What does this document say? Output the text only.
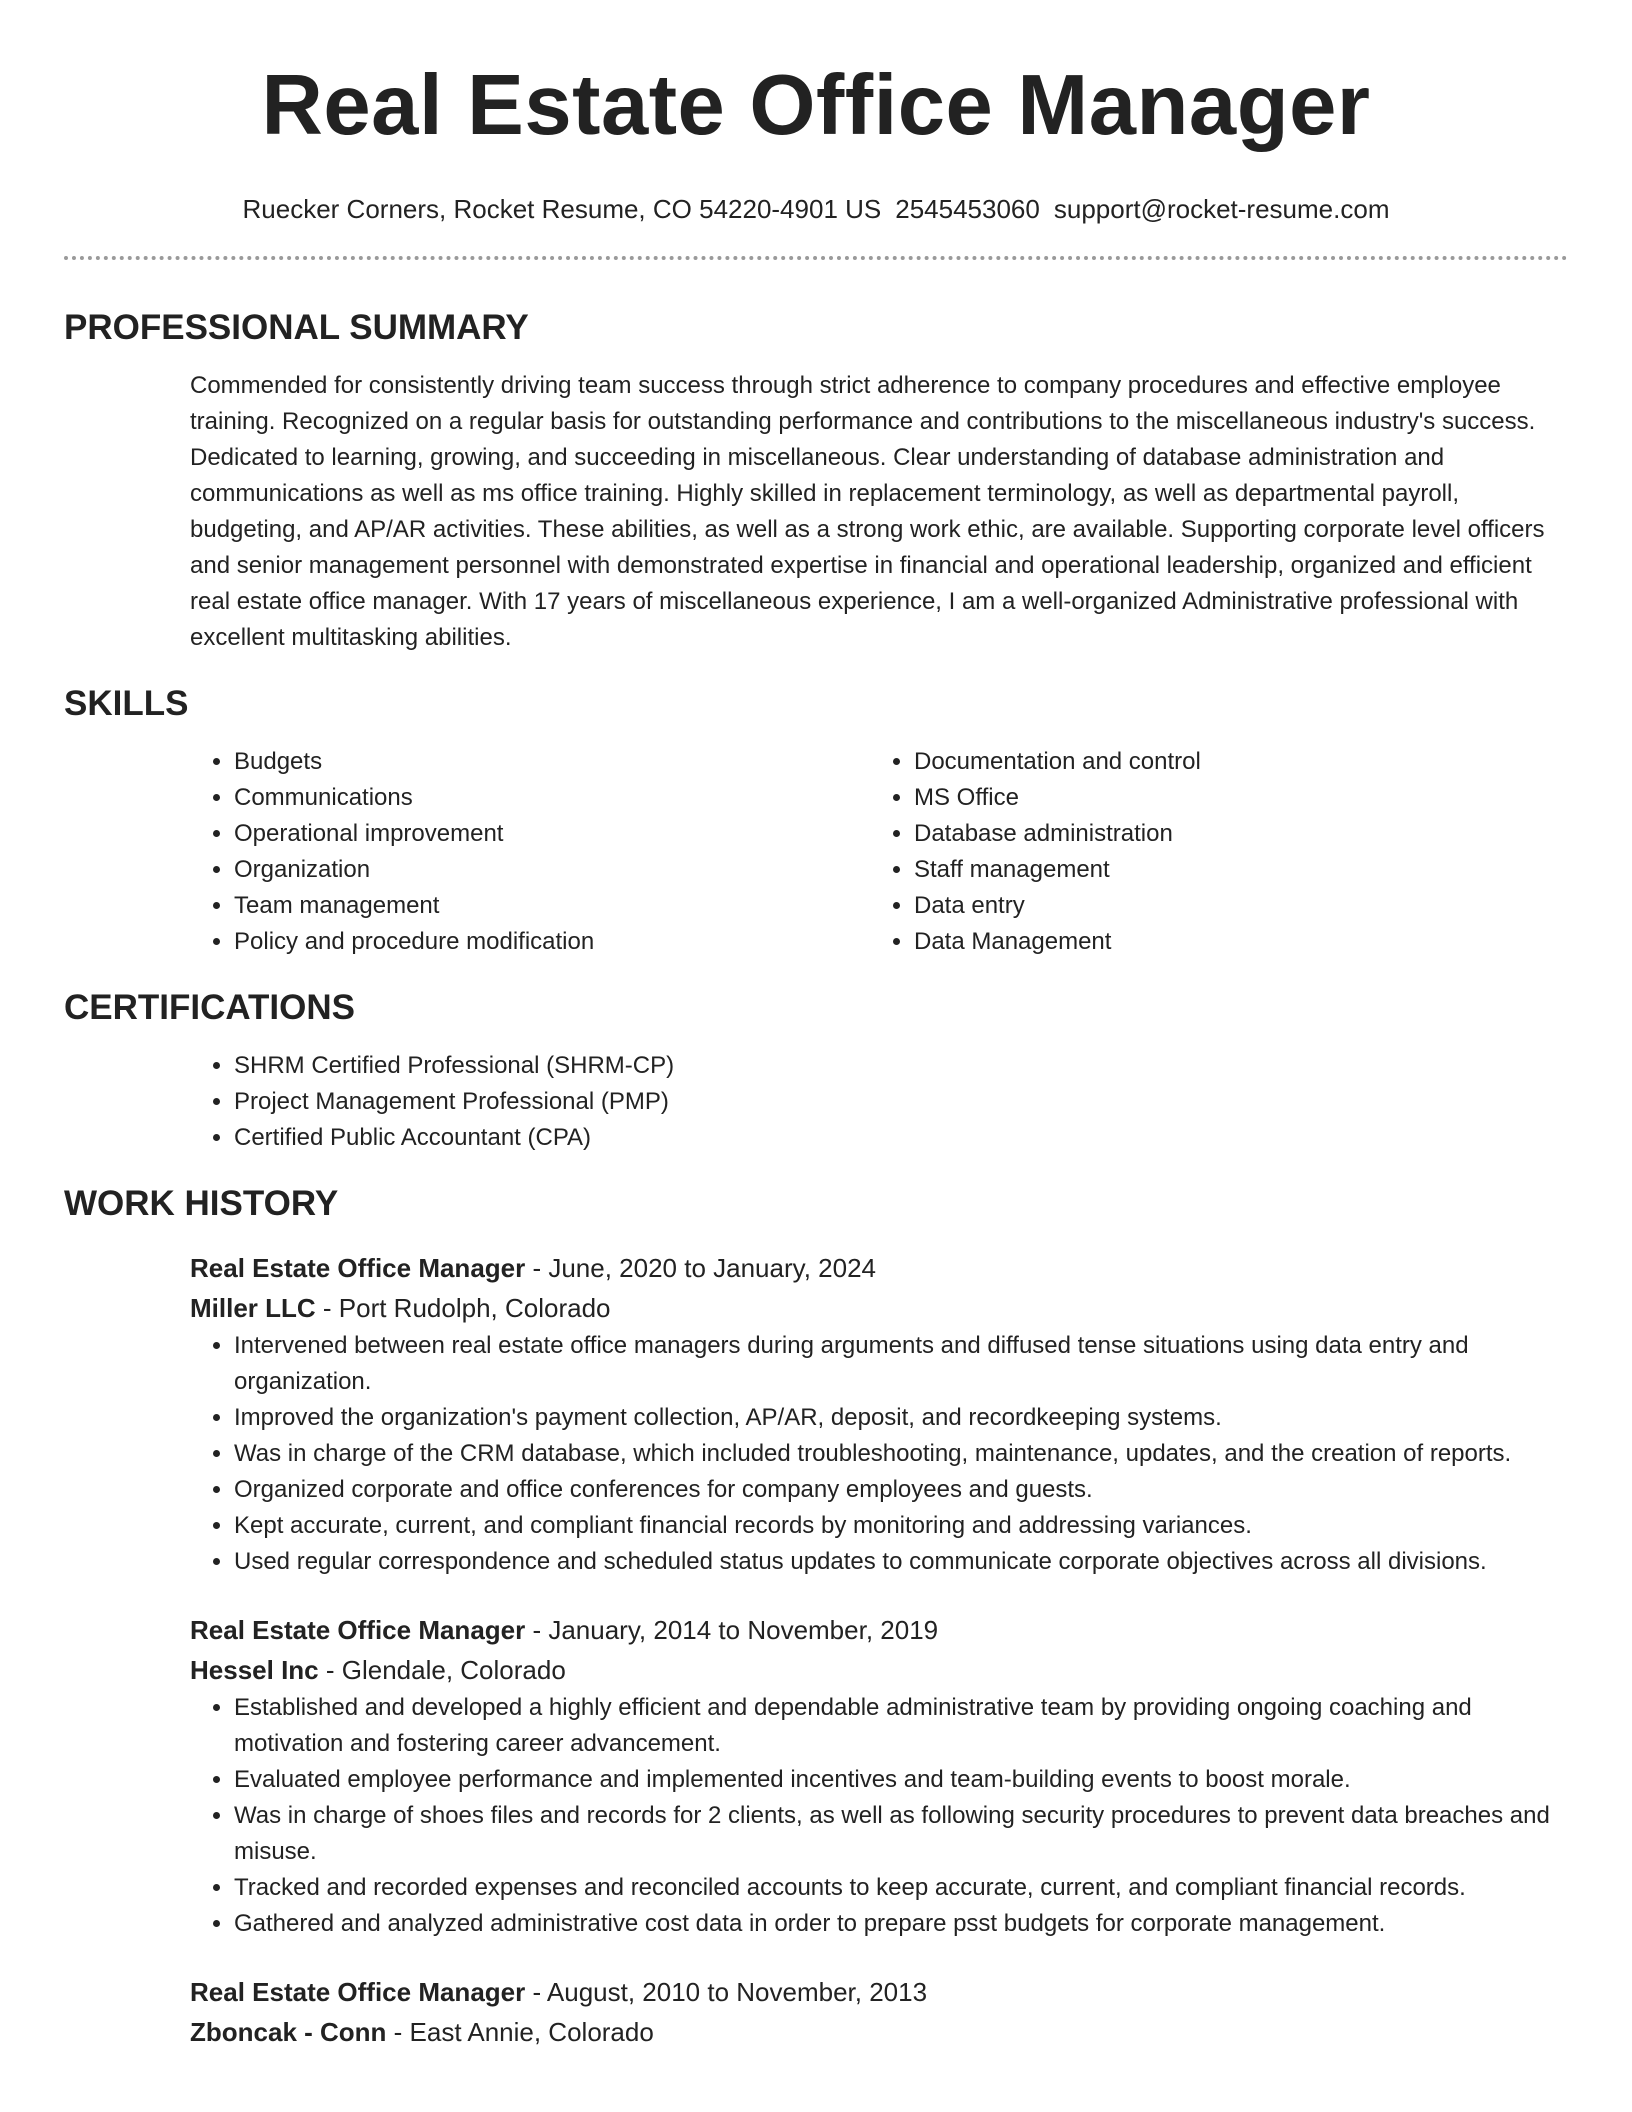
Real Estate Office Manager
Ruecker Corners, Rocket Resume, CO 54220-4901 US 2545453060 support@rocket-resume.com
PROFESSIONAL SUMMARY

Commended for consistently driving team success through strict adherence to company procedures and effective employee training. Recognized on a regular basis for outstanding performance and contributions to the miscellaneous industry's success. Dedicated to learning, growing, and succeeding in miscellaneous. Clear understanding of database administration and communications as well as ms office training. Highly skilled in replacement terminology, as well as departmental payroll, budgeting, and AP/AR activities. These abilities, as well as a strong work ethic, are available. Supporting corporate level officers and senior management personnel with demonstrated expertise in financial and operational leadership, organized and efficient real estate office manager. With 17 years of miscellaneous experience, I am a well-organized Administrative professional with excellent multitasking abilities.

SKILLS
• Budgets
• Communications
• Operational improvement
• Organization
• Team management
• Policy and procedure modification
• Documentation and control
• MS Office
• Database administration
• Staff management
• Data entry
• Data Management
CERTIFICATIONS
• SHRM Certified Professional (SHRM-CP)
• Project Management Professional (PMP)
• Certified Public Accountant (CPA)
WORK HISTORY
Real Estate Office Manager - June, 2020 to January, 2024
Miller LLC - Port Rudolph, Colorado
• Intervened between real estate office managers during arguments and diffused tense situations using data entry and organization.
• Improved the organization's payment collection, AP/AR, deposit, and recordkeeping systems.
• Was in charge of the CRM database, which included troubleshooting, maintenance, updates, and the creation of reports.
• Organized corporate and office conferences for company employees and guests.
• Kept accurate, current, and compliant financial records by monitoring and addressing variances.
• Used regular correspondence and scheduled status updates to communicate corporate objectives across all divisions.
Real Estate Office Manager - January, 2014 to November, 2019
Hessel Inc - Glendale, Colorado
• Established and developed a highly efficient and dependable administrative team by providing ongoing coaching and motivation and fostering career advancement.
• Evaluated employee performance and implemented incentives and team-building events to boost morale.
• Was in charge of shoes files and records for 2 clients, as well as following security procedures to prevent data breaches and misuse.
• Tracked and recorded expenses and reconciled accounts to keep accurate, current, and compliant financial records.
• Gathered and analyzed administrative cost data in order to prepare psst budgets for corporate management.
Real Estate Office Manager - August, 2010 to November, 2013
Zboncak - Conn - East Annie, Colorado
